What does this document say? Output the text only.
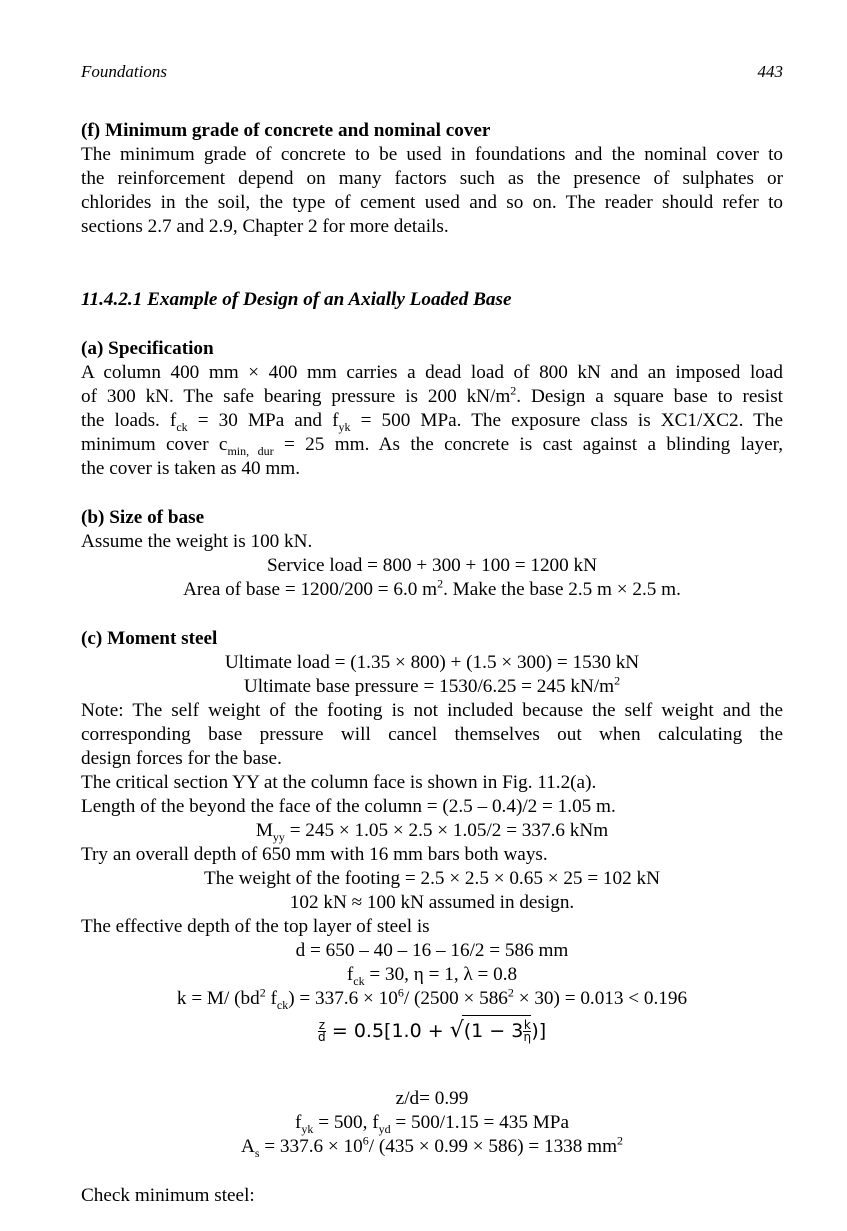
Foundations	443
(f) Minimum grade of concrete and nominal cover
The minimum grade of concrete to be used in foundations and the nominal cover to
the reinforcement depend on many factors such as the presence of sulphates or
chlorides in the soil, the type of cement used and so on. The reader should refer to
sections 2.7 and 2.9, Chapter 2 for more details.
11.4.2.1 Example of Design of an Axially Loaded Base
(a) Specification
A column 400 mm × 400 mm carries a dead load of 800 kN and an imposed load
of 300 kN. The safe bearing pressure is 200 $kN/m^2$. Design a square base to resist
the loads. $f_{ck} = 30$ MPa and $f_{yk} = 500$ MPa. The exposure class is XC1/XC2. The
minimum cover $c_{min, dur} = 25$ mm. As the concrete is cast against a blinding layer,
the cover is taken as 40 mm.
(b) Size of base
Assume the weight is 100 kN.
Service load = 800 + 300 + 100 = 1200 kN
Area of base = 1200/200 = 6.0 $m^2$. Make the base 2.5 m × 2.5 m.
(c) Moment steel
Ultimate load = (1.35 × 800) + (1.5 × 300) = 1530 kN
Ultimate base pressure = 1530/6.25 = 245 $kN/m^2$
Note: The self weight of the footing is not included because the self weight and the
corresponding base pressure will cancel themselves out when calculating the
design forces for the base.
The critical section YY at the column face is shown in Fig. 11.2(a).
Length of the beyond the face of the column = (2.5 – 0.4)/2 = 1.05 m.
$M_{yy} = 245 \times 1.05 \times 2.5 \times 1.05/2 = 337.6$ kNm
Try an overall depth of 650 mm with 16 mm bars both ways.
The weight of the footing = 2.5 × 2.5 × 0.65 × 25 = 102 kN
102 kN ≈ 100 kN assumed in design.
The effective depth of the top layer of steel is
d = 650 – 40 – 16 – 16/2 = 586 mm
$f_{ck} = 30$, η = 1, λ = 0.8
k = M/ ($bd^2$ $f_{ck}) = 337.6 \times 10^6/$ $(2500 \times 586^2 \times 30) = 0.013 < 0.196$
$\frac{z}{d} = 0.5[1.0 + √(1 - 3 \frac{k}{\eta}$ )]
z/d= 0.99
$f_{yk} = 500$, $f_{yd} = 500/1.15 = 435$ MPa
$A_s = 337.6 \times 10^6/$ (435 × 0.99 × 586) = 1338 $mm^2$
Check minimum steel:
